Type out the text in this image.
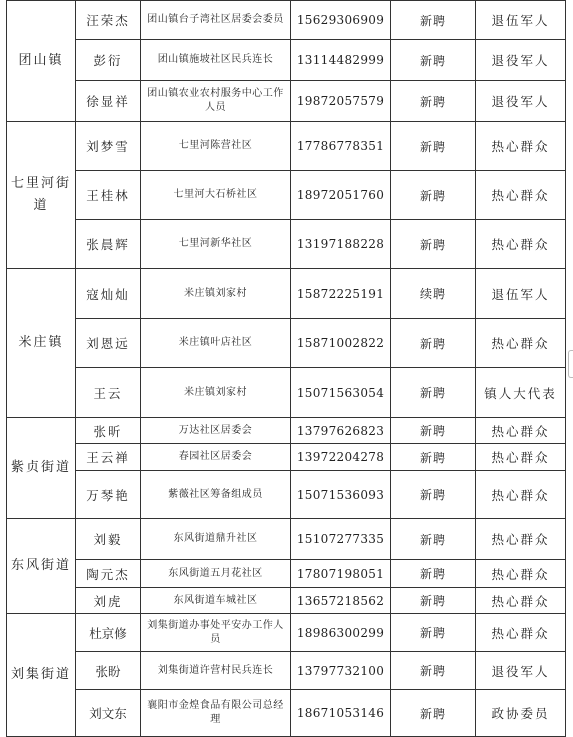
团山镇	汪荣杰	团山镇台子湾社区居委会委员	15629306909	新聘	退伍军人
	彭衍	团山镇施坡社区民兵连长	13114482999	新聘	退役军人
	徐显祥	团山镇农业农村服务中心工作人员	19872057579	新聘	退役军人
七里河街道	刘梦雪	七里河陈营社区	17786778351	新聘	热心群众
	王桂林	七里河大石桥社区	18972051760	新聘	热心群众
	张晨辉	七里河新华社区	13197188228	新聘	热心群众
米庄镇	寇灿灿	米庄镇刘家村	15872225191	续聘	退伍军人
	刘恩远	米庄镇叶店社区	15871002822	新聘	热心群众
	王云	米庄镇刘家村	15071563054	新聘	镇人大代表
紫贞街道	张昕	万达社区居委会	13797626823	新聘	热心群众
	王云禅	春园社区居委会	13972204278	新聘	热心群众
	万琴艳	紫薇社区筹备组成员	15071536093	新聘	热心群众
东风街道	刘毅	东风街道鼎升社区	15107277335	新聘	热心群众
	陶元杰	东风街道五月花社区	17807198051	新聘	热心群众
	刘虎	东风街道车城社区	13657218562	新聘	热心群众
刘集街道	杜京修	刘集街道办事处平安办工作人员	18986300299	新聘	热心群众
	张盼	刘集街道许营村民兵连长	13797732100	新聘	退役军人
	刘文东	襄阳市金煌食品有限公司总经理	18671053146	新聘	政协委员
